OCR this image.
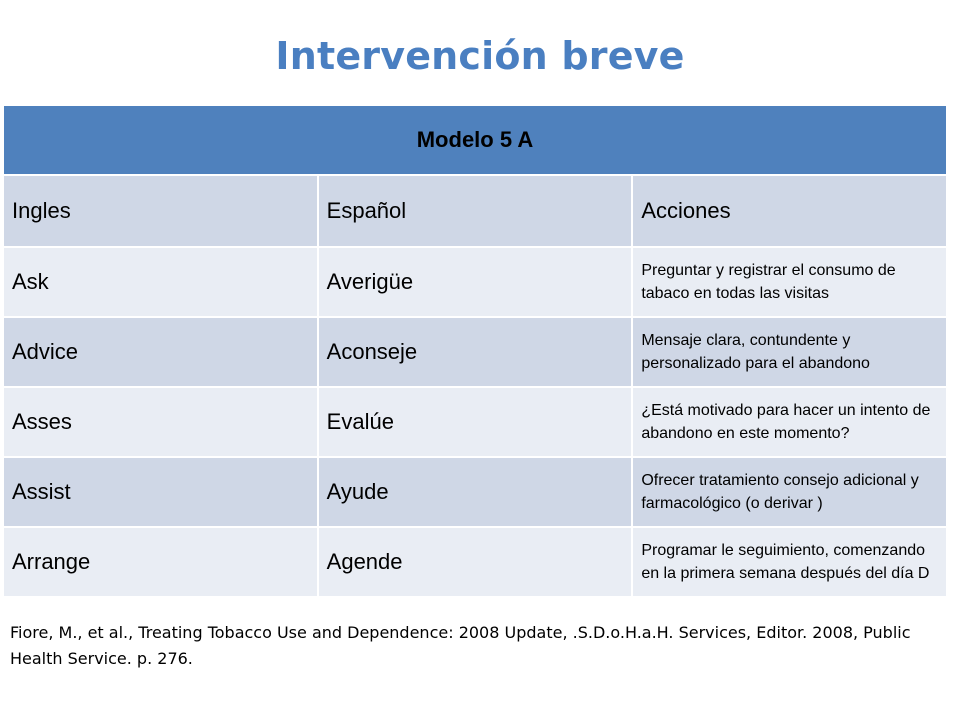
Intervención breve
Modelo 5 A		
Ingles	Español	Acciones
Ask	Averigüe	Preguntar y registrar el consumo de tabaco en todas las visitas
Advice	Aconseje	Mensaje clara, contundente y personalizado para el abandono
Asses	Evalúe	¿Está motivado para hacer un intento de abandono en este momento?
Assist	Ayude	Ofrecer tratamiento consejo adicional y farmacológico (o derivar )
Arrange	Agende	Programar le seguimiento, comenzando en la primera semana después del día D
Fiore, M., et al., Treating Tobacco Use and Dependence: 2008 Update, .S.D.o.H.a.H. Services, Editor. 2008, Public Health Service. p. 276.
